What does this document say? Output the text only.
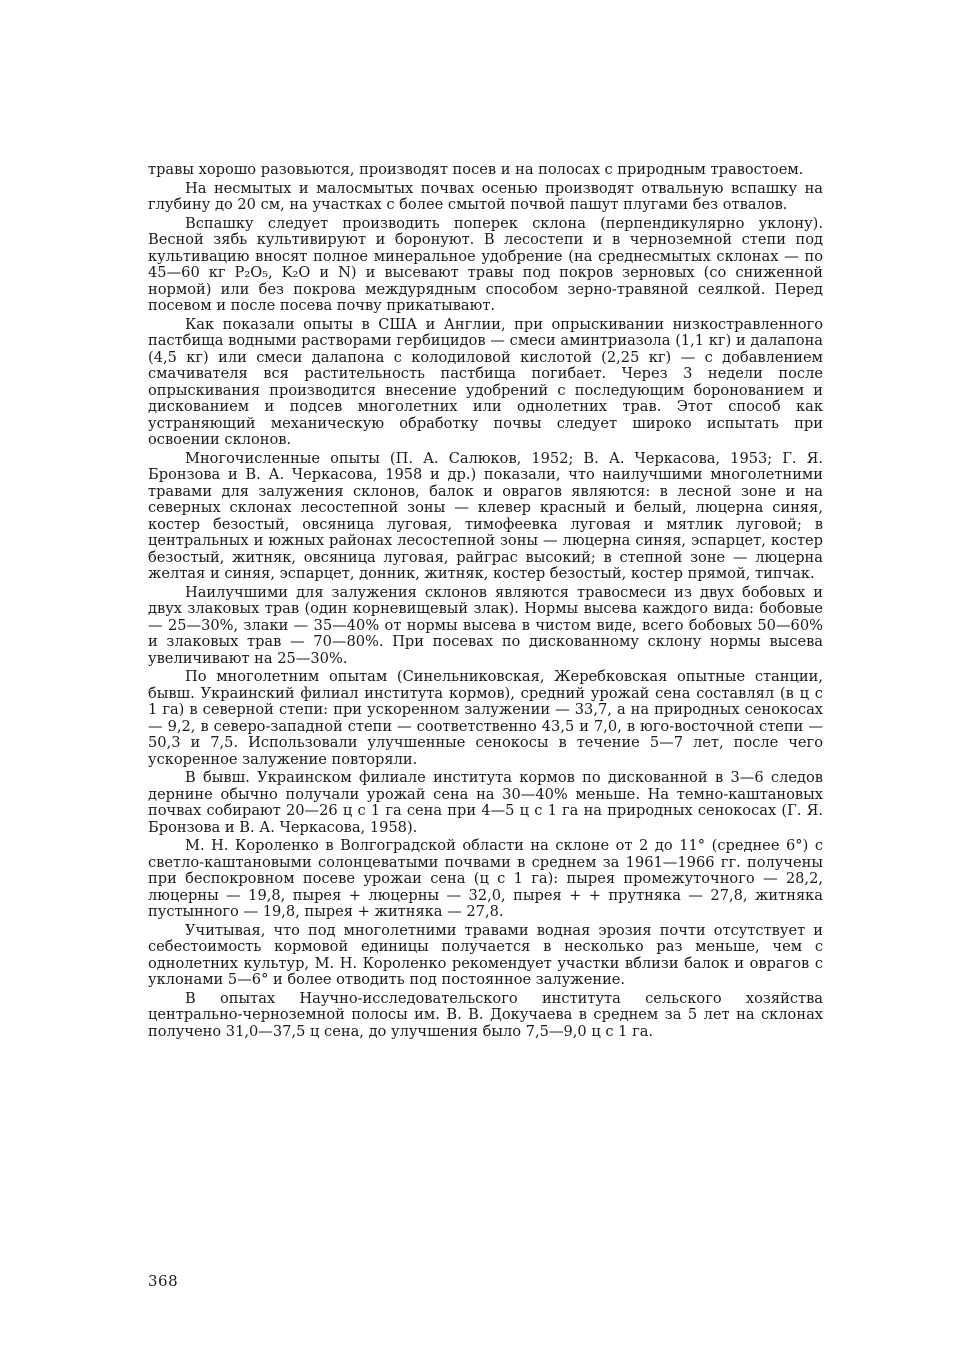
травы хорошо разовьются, производят посев и на полосах с природным травостоем.

На несмытых и малосмытых почвах осенью производят отвальную вспашку на глубину до 20 см, на участках с более смытой почвой пашут плугами без отвалов.

Вспашку следует производить поперек склона (перпендикулярно уклону). Весной зябь культивируют и боронуют. В лесостепи и в черноземной степи под культивацию вносят полное минеральное удобрение (на среднесмытых склонах — по 45—60 кг P₂O₅, K₂O и N) и высевают травы под покров зерновых (со сниженной нормой) или без покрова междурядным способом зерно-травяной сеялкой. Перед посевом и после посева почву прикатывают.

Как показали опыты в США и Англии, при опрыскивании низкостравленного пастбища водными растворами гербицидов — смеси аминтриазола (1,1 кг) и далапона (4,5 кг) или смеси далапона с колодиловой кислотой (2,25 кг) — с добавлением смачивателя вся растительность пастбища погибает. Через 3 недели после опрыскивания производится внесение удобрений с последующим боронованием и дискованием и подсев многолетних или однолетних трав. Этот способ как устраняющий механическую обработку почвы следует широко испытать при освоении склонов.

Многочисленные опыты (П. А. Салюков, 1952; В. А. Черкасова, 1953; Г. Я. Бронзова и В. А. Черкасова, 1958 и др.) показали, что наилучшими многолетними травами для залужения склонов, балок и оврагов являются: в лесной зоне и на северных склонах лесостепной зоны — клевер красный и белый, люцерна синяя, костер безостый, овсяница луговая, тимофеевка луговая и мятлик луговой; в центральных и южных районах лесостепной зоны — люцерна синяя, эспарцет, костер безостый, житняк, овсяница луговая, райграс высокий; в степной зоне — люцерна желтая и синяя, эспарцет, донник, житняк, костер безостый, костер прямой, типчак.

Наилучшими для залужения склонов являются травосмеси из двух бобовых и двух злаковых трав (один корневищевый злак). Нормы высева каждого вида: бобовые — 25—30%, злаки — 35—40% от нормы высева в чистом виде, всего бобовых 50—60% и злаковых трав — 70—80%. При посевах по дискованному склону нормы высева увеличивают на 25—30%.

По многолетним опытам (Синельниковская, Жеребковская опытные станции, бывш. Украинский филиал института кормов), средний урожай сена составлял (в ц с 1 га) в северной степи: при ускоренном залужении — 33,7, а на природных сенокосах — 9,2, в северо-западной степи — соответственно 43,5 и 7,0, в юго-восточной степи — 50,3 и 7,5. Использовали улучшенные сенокосы в течение 5—7 лет, после чего ускоренное залужение повторяли.

В бывш. Украинском филиале института кормов по дискованной в 3—6 следов дернине обычно получали урожай сена на 30—40% меньше. На темно-каштановых почвах собирают 20—26 ц с 1 га сена при 4—5 ц с 1 га на природных сенокосах (Г. Я. Бронзова и В. А. Черкасова, 1958).

М. Н. Короленко в Волгоградской области на склоне от 2 до 11° (среднее 6°) с светло-каштановыми солонцеватыми почвами в среднем за 1961—1966 гг. получены при беспокровном посеве урожаи сена (ц с 1 га): пырея промежуточного — 28,2, люцерны — 19,8, пырея + люцерны — 32,0, пырея + + прутняка — 27,8, житняка пустынного — 19,8, пырея + житняка — 27,8.

Учитывая, что под многолетними травами водная эрозия почти отсутствует и себестоимость кормовой единицы получается в несколько раз меньше, чем с однолетних культур, М. Н. Короленко рекомендует участки вблизи балок и оврагов с уклонами 5—6° и более отводить под постоянное залужение.

В опытах Научно-исследовательского института сельского хозяйства центрально-черноземной полосы им. В. В. Докучаева в среднем за 5 лет на склонах получено 31,0—37,5 ц сена, до улучшения было 7,5—9,0 ц с 1 га.

368
